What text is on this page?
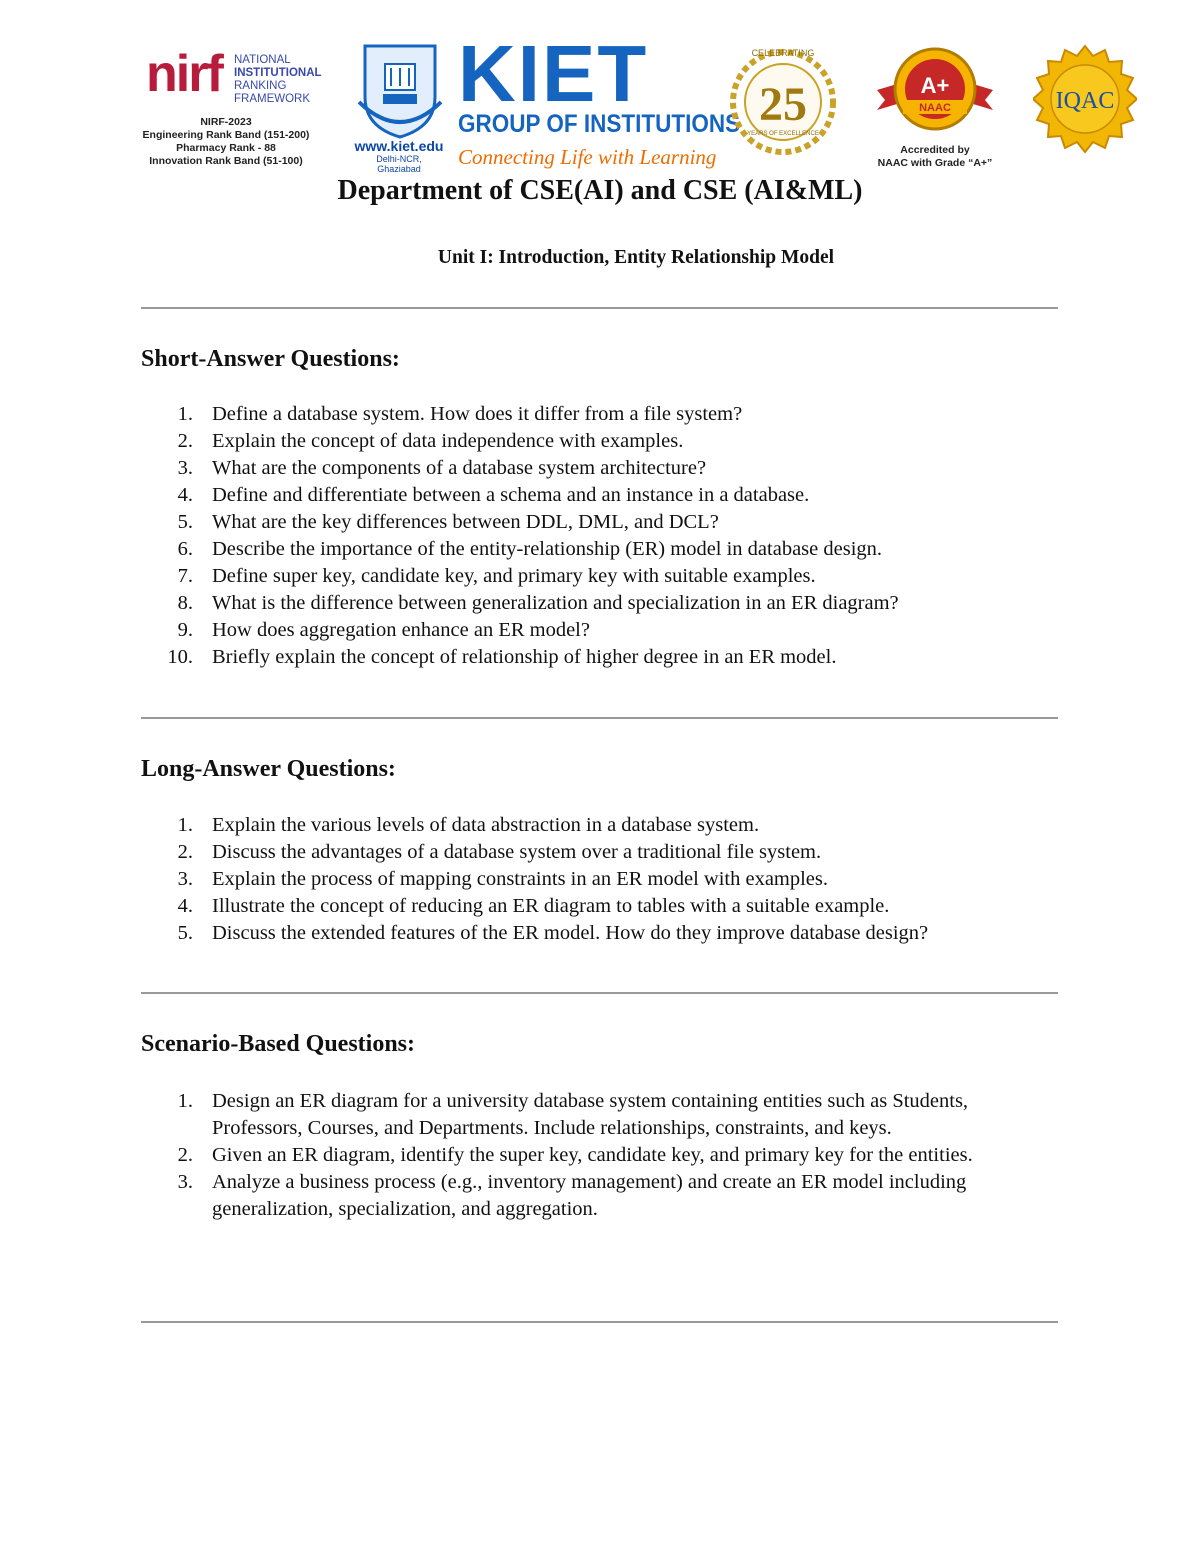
nirf NATIONAL
INSTITUTIONAL
RANKING
FRAMEWORK
NIRF-2023
Engineering Rank Band (151-200)
Pharmacy Rank - 88
Innovation Rank Band (51-100)
www.kiet.edu
Delhi-NCR, Ghaziabad
KIET
GROUP OF INSTITUTIONS
Connecting Life with Learning
25
CELEBRATING
YEARS OF EXCELLENCE
A+
NAAC
Accredited by
NAAC with Grade “A+”
IQAC
Department of CSE(AI) and CSE (AI&ML)
Unit I: Introduction, Entity Relationship Model
Short-Answer Questions:
1. Define a database system. How does it differ from a file system?
2. Explain the concept of data independence with examples.
3. What are the components of a database system architecture?
4. Define and differentiate between a schema and an instance in a database.
5. What are the key differences between DDL, DML, and DCL?
6. Describe the importance of the entity-relationship (ER) model in database design.
7. Define super key, candidate key, and primary key with suitable examples.
8. What is the difference between generalization and specialization in an ER diagram?
9. How does aggregation enhance an ER model?
10. Briefly explain the concept of relationship of higher degree in an ER model.
Long-Answer Questions:
1. Explain the various levels of data abstraction in a database system.
2. Discuss the advantages of a database system over a traditional file system.
3. Explain the process of mapping constraints in an ER model with examples.
4. Illustrate the concept of reducing an ER diagram to tables with a suitable example.
5. Discuss the extended features of the ER model. How do they improve database design?
Scenario-Based Questions:
1. Design an ER diagram for a university database system containing entities such as Students, Professors, Courses, and Departments. Include relationships, constraints, and keys.
2. Given an ER diagram, identify the super key, candidate key, and primary key for the entities.
3. Analyze a business process (e.g., inventory management) and create an ER model including generalization, specialization, and aggregation.
